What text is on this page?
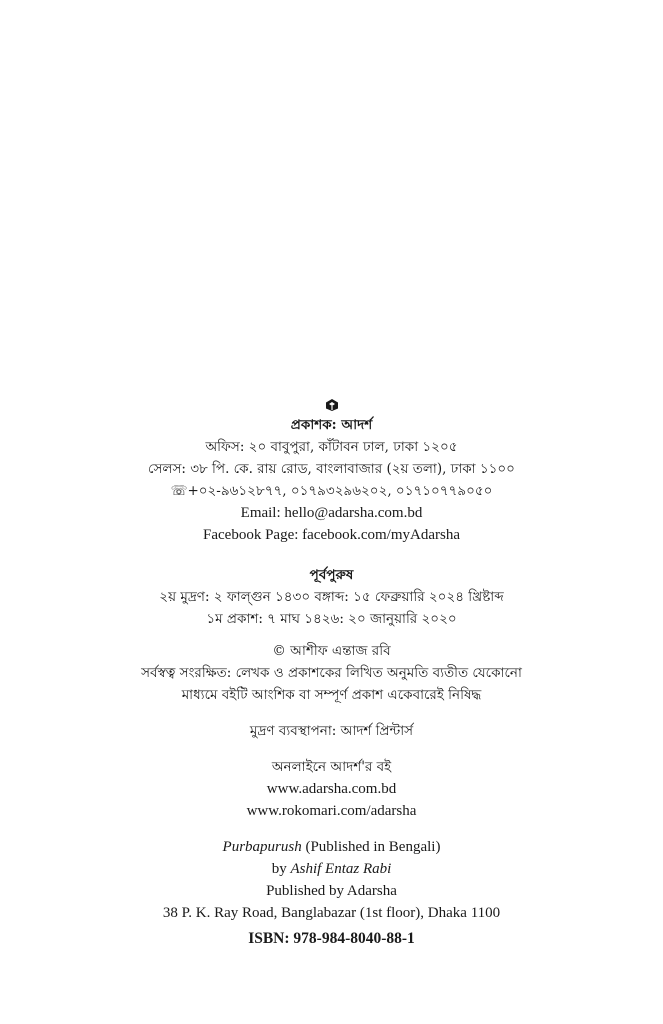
প্রকাশক: আদর্শ
অফিস: ২০ বাবুপুরা, কাঁটাবন ঢাল, ঢাকা ১২০৫
সেলস: ৩৮ পি. কে. রায় রোড, বাংলাবাজার (২য় তলা), ঢাকা ১১০০
☏+০২-৯৬১২৮৭৭, ০১৭৯৩২৯৬২০২, ০১৭১০৭৭৯০৫০
Email: hello@adarsha.com.bd
Facebook Page: facebook.com/myAdarsha
পূর্বপুরুষ
২য় মুদ্রণ: ২ ফাল্গুন ১৪৩০ বঙ্গাব্দ: ১৫ ফেব্রুয়ারি ২০২৪ খ্রিষ্টাব্দ
১ম প্রকাশ: ৭ মাঘ ১৪২৬: ২০ জানুয়ারি ২০২০
© আশীফ এন্তাজ রবি
সর্বস্বত্ব সংরক্ষিত: লেখক ও প্রকাশকের লিখিত অনুমতি ব্যতীত যেকোনো
মাধ্যমে বইটি আংশিক বা সম্পূর্ণ প্রকাশ একেবারেই নিষিদ্ধ
মুদ্রণ ব্যবস্থাপনা: আদর্শ প্রিন্টার্স
অনলাইনে আদর্শ'র বই
www.adarsha.com.bd
www.rokomari.com/adarsha
Purbapurush (Published in Bengali)
by Ashif Entaz Rabi
Published by Adarsha
38 P. K. Ray Road, Banglabazar (1st floor), Dhaka 1100
ISBN: 978-984-8040-88-1
